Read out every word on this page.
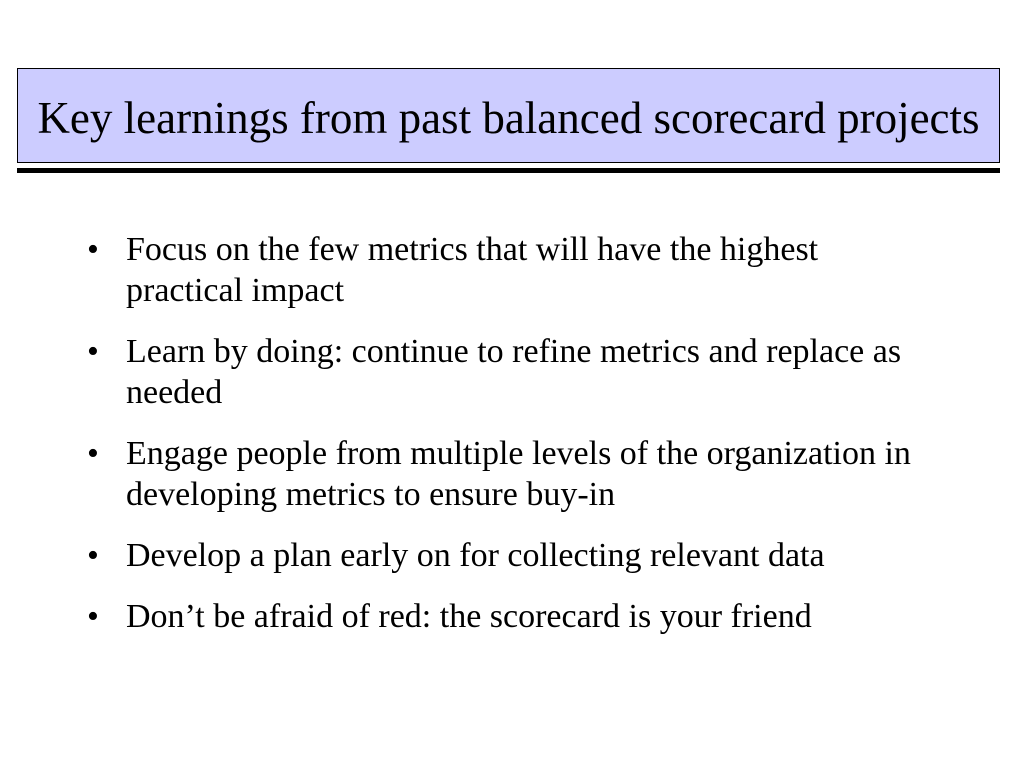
Key learnings from past balanced scorecard projects
• Focus on the few metrics that will have the highest
practical impact
• Learn by doing: continue to refine metrics and replace as
needed
• Engage people from multiple levels of the organization in
developing metrics to ensure buy-in
• Develop a plan early on for collecting relevant data
• Don’t be afraid of red: the scorecard is your friend
